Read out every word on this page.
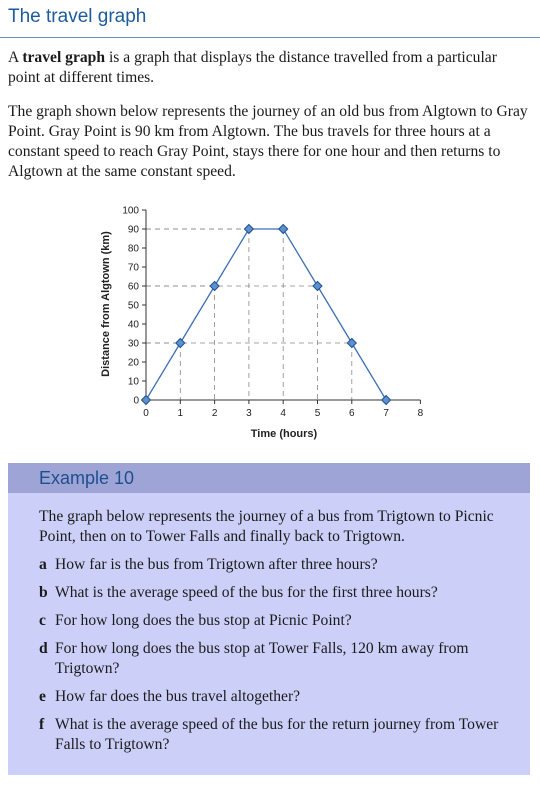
The travel graph

A travel graph is a graph that displays the distance travelled from a particular point at different times.

The graph shown below represents the journey of an old bus from Algtown to Gray Point. Gray Point is 90 km from Algtown. The bus travels for three hours at a constant speed to reach Gray Point, stays there for one hour and then returns to Algtown at the same constant speed.

0	1	2	3	4	5	6	7	8
0
10
20
30
40
50
60
70
80
90
100
Time (hours)
Distance from Algtown (km)
Example 10

The graph below represents the journey of a bus from Trigtown to Picnic Point, then on to Tower Falls and finally back to Trigtown.

a How far is the bus from Trigtown after three hours?
b What is the average speed of the bus for the first three hours?
c For how long does the bus stop at Picnic Point?
d For how long does the bus stop at Tower Falls, 120 km away from Trigtown?
e How far does the bus travel altogether?
f What is the average speed of the bus for the return journey from Tower Falls to Trigtown?
